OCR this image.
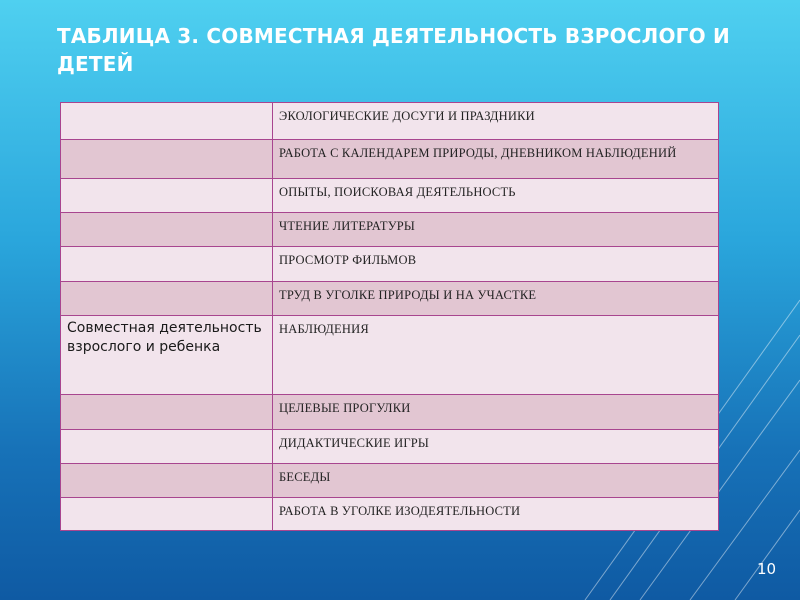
ТАБЛИЦА 3. СОВМЕСТНАЯ ДЕЯТЕЛЬНОСТЬ ВЗРОСЛОГО И ДЕТЕЙ

	ЭКОЛОГИЧЕСКИЕ ДОСУГИ И ПРАЗДНИКИ

	РАБОТА С КАЛЕНДАРЕМ ПРИРОДЫ, ДНЕВНИКОМ НАБЛЮДЕНИЙ

	ОПЫТЫ, ПОИСКОВАЯ ДЕЯТЕЛЬНОСТЬ

	ЧТЕНИЕ ЛИТЕРАТУРЫ

	ПРОСМОТР ФИЛЬМОВ

	ТРУД В УГОЛКЕ ПРИРОДЫ И НА УЧАСТКЕ

Совместная деятельность взрослого и ребенка	НАБЛЮДЕНИЯ

	ЦЕЛЕВЫЕ ПРОГУЛКИ

	ДИДАКТИЧЕСКИЕ ИГРЫ

	БЕСЕДЫ

	РАБОТА В УГОЛКЕ ИЗОДЕЯТЕЛЬНОСТИ
10
